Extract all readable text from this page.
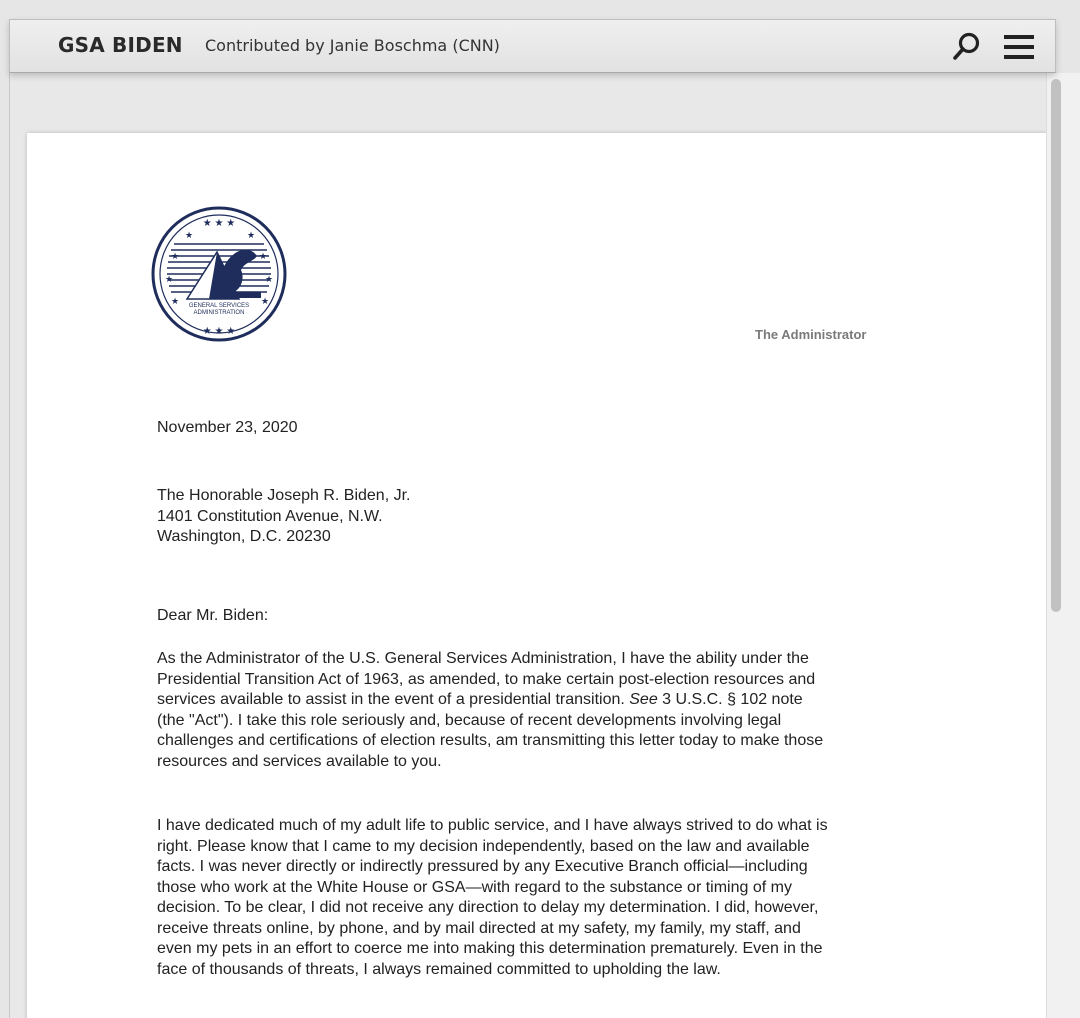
GSA BIDEN Contributed by Janie Boschma (CNN)
★ ★ ★
★	★
★	★
★	★
★	★
★ ★ ★
GENERAL SERVICES
ADMINISTRATION
The Administrator
November 23, 2020
The Honorable Joseph R. Biden, Jr.
1401 Constitution Avenue, N.W.
Washington, D.C. 20230
Dear Mr. Biden:
As the Administrator of the U.S. General Services Administration, I have the ability under the
Presidential Transition Act of 1963, as amended, to make certain post-election resources and
services available to assist in the event of a presidential transition. See 3 U.S.C. § 102 note
(the "Act"). I take this role seriously and, because of recent developments involving legal
challenges and certifications of election results, am transmitting this letter today to make those
resources and services available to you.
I have dedicated much of my adult life to public service, and I have always strived to do what is
right. Please know that I came to my decision independently, based on the law and available
facts. I was never directly or indirectly pressured by any Executive Branch official—including
those who work at the White House or GSA—with regard to the substance or timing of my
decision. To be clear, I did not receive any direction to delay my determination. I did, however,
receive threats online, by phone, and by mail directed at my safety, my family, my staff, and
even my pets in an effort to coerce me into making this determination prematurely. Even in the
face of thousands of threats, I always remained committed to upholding the law.
